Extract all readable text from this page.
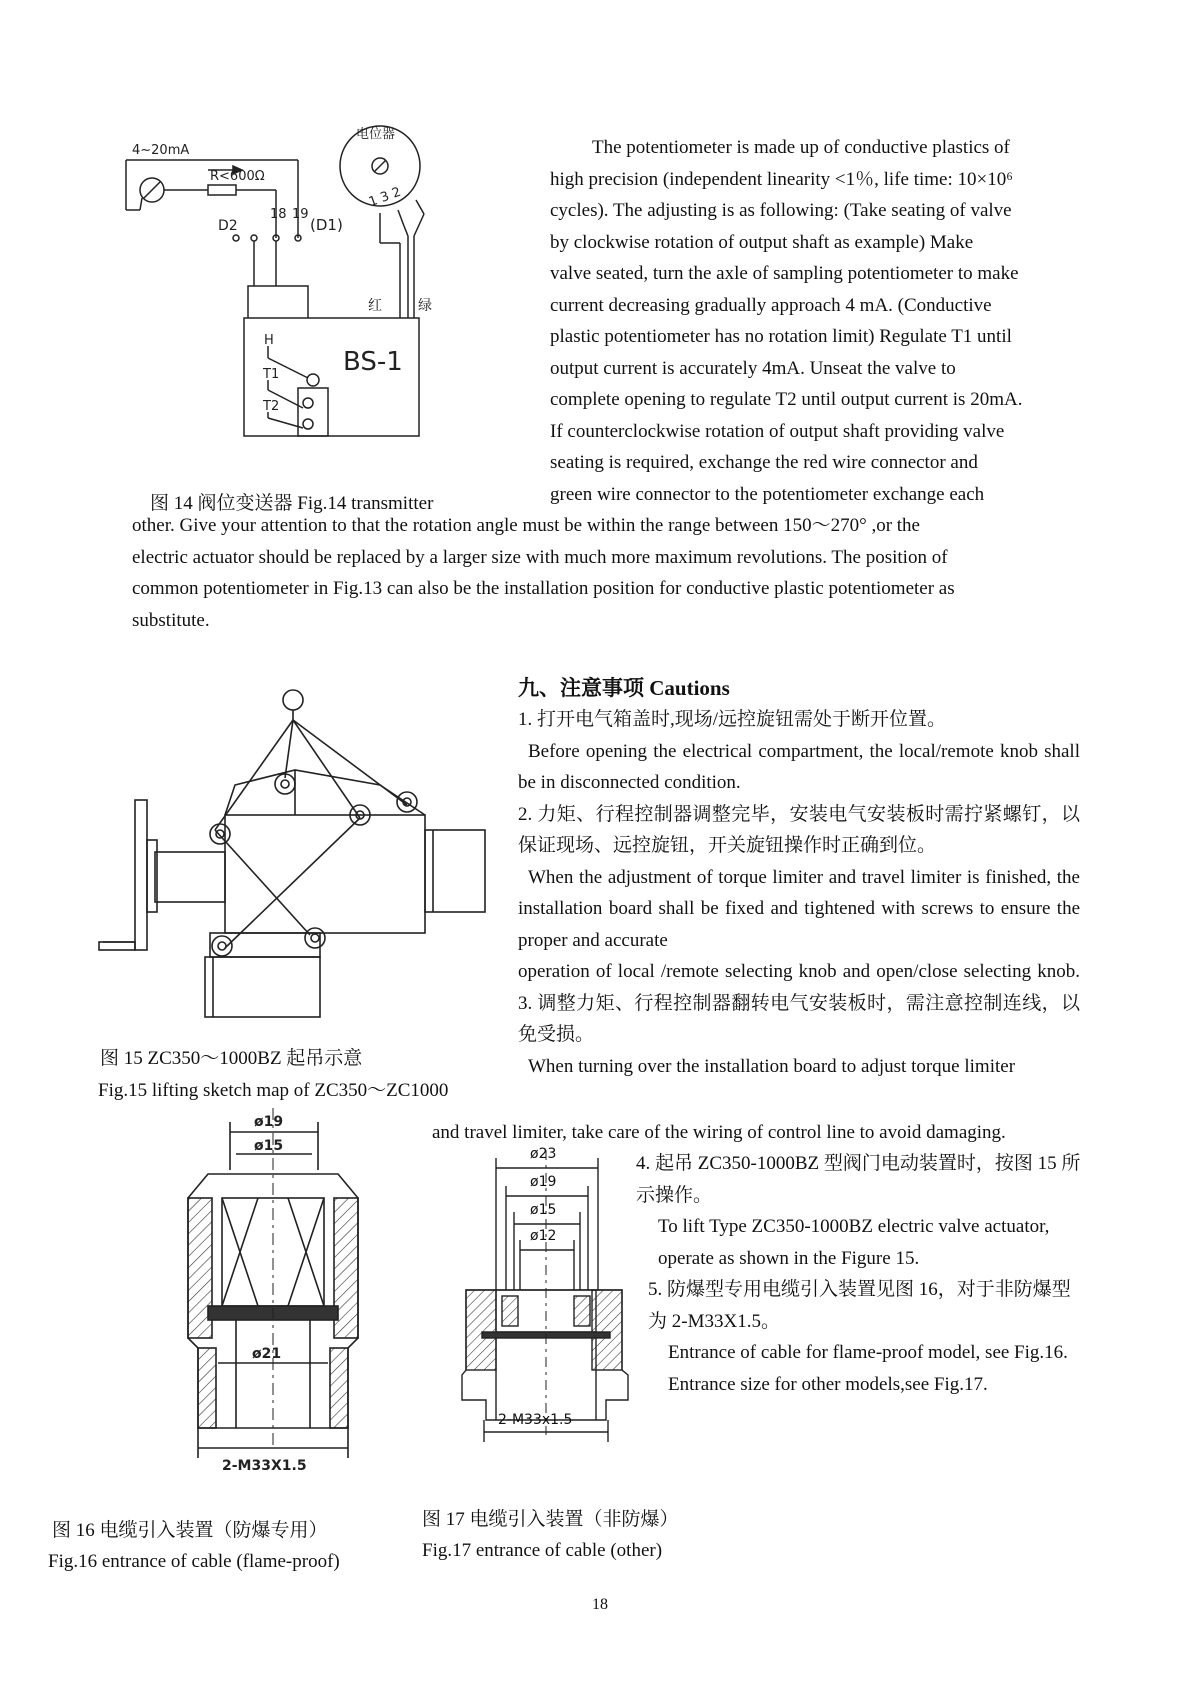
4~20mA
R<600Ω
D2
18 19
(D1)
电位器
1 3 2
红	绿
BS-1
H
T1
T2
图 14 阀位变送器 Fig.14 transmitter
The potentiometer is made up of conductive plastics of
high precision (independent linearity <1％, life time: 10×10⁶
cycles). The adjusting is as following: (Take seating of valve
by clockwise rotation of output shaft as example) Make
valve seated, turn the axle of sampling potentiometer to make
current decreasing gradually approach 4 mA. (Conductive
plastic potentiometer has no rotation limit) Regulate T1 until
output current is accurately 4mA. Unseat the valve to
complete opening to regulate T2 until output current is 20mA.
If counterclockwise rotation of output shaft providing valve
seating is required, exchange the red wire connector and
green wire connector to the potentiometer exchange each
other. Give your attention to that the rotation angle must be within the range between 150～270° ,or the
electric actuator should be replaced by a larger size with much more maximum revolutions. The position of
common potentiometer in Fig.13 can also be the installation position for conductive plastic potentiometer as
substitute.
图 15 ZC350～1000BZ 起吊示意
Fig.15 lifting sketch map of ZC350～ZC1000
九、注意事项 Cautions
1. 打开电气箱盖时,现场/远控旋钮需处于断开位置。
Before opening the electrical compartment, the local/remote knob shall be in disconnected condition.
2. 力矩、行程控制器调整完毕，安装电气安装板时需拧紧螺钉，以保证现场、远控旋钮，开关旋钮操作时正确到位。
When the adjustment of torque limiter and travel limiter is finished, the installation board shall be fixed and tightened with screws to ensure the proper and accurate
operation of local /remote selecting knob and open/close selecting knob.
3. 调整力矩、行程控制器翻转电气安装板时，需注意控制连线，以免受损。
When turning over the installation board to adjust torque limiter
and travel limiter, take care of the wiring of control line to avoid damaging.
4. 起吊 ZC350-1000BZ 型阀门电动装置时，按图 15 所示操作。
To lift Type ZC350-1000BZ electric valve actuator, operate as shown in the Figure 15.
5. 防爆型专用电缆引入装置见图 16，对于非防爆型为 2-M33X1.5。
Entrance of cable for flame-proof model, see Fig.16. Entrance size for other models,see Fig.17.
ø19
ø15
ø21
2-M33X1.5
图 16 电缆引入装置（防爆专用）
Fig.16 entrance of cable (flame-proof)
ø23
ø19
ø15
ø12
2-M33x1.5
图 17 电缆引入装置（非防爆）
Fig.17 entrance of cable (other)
18
